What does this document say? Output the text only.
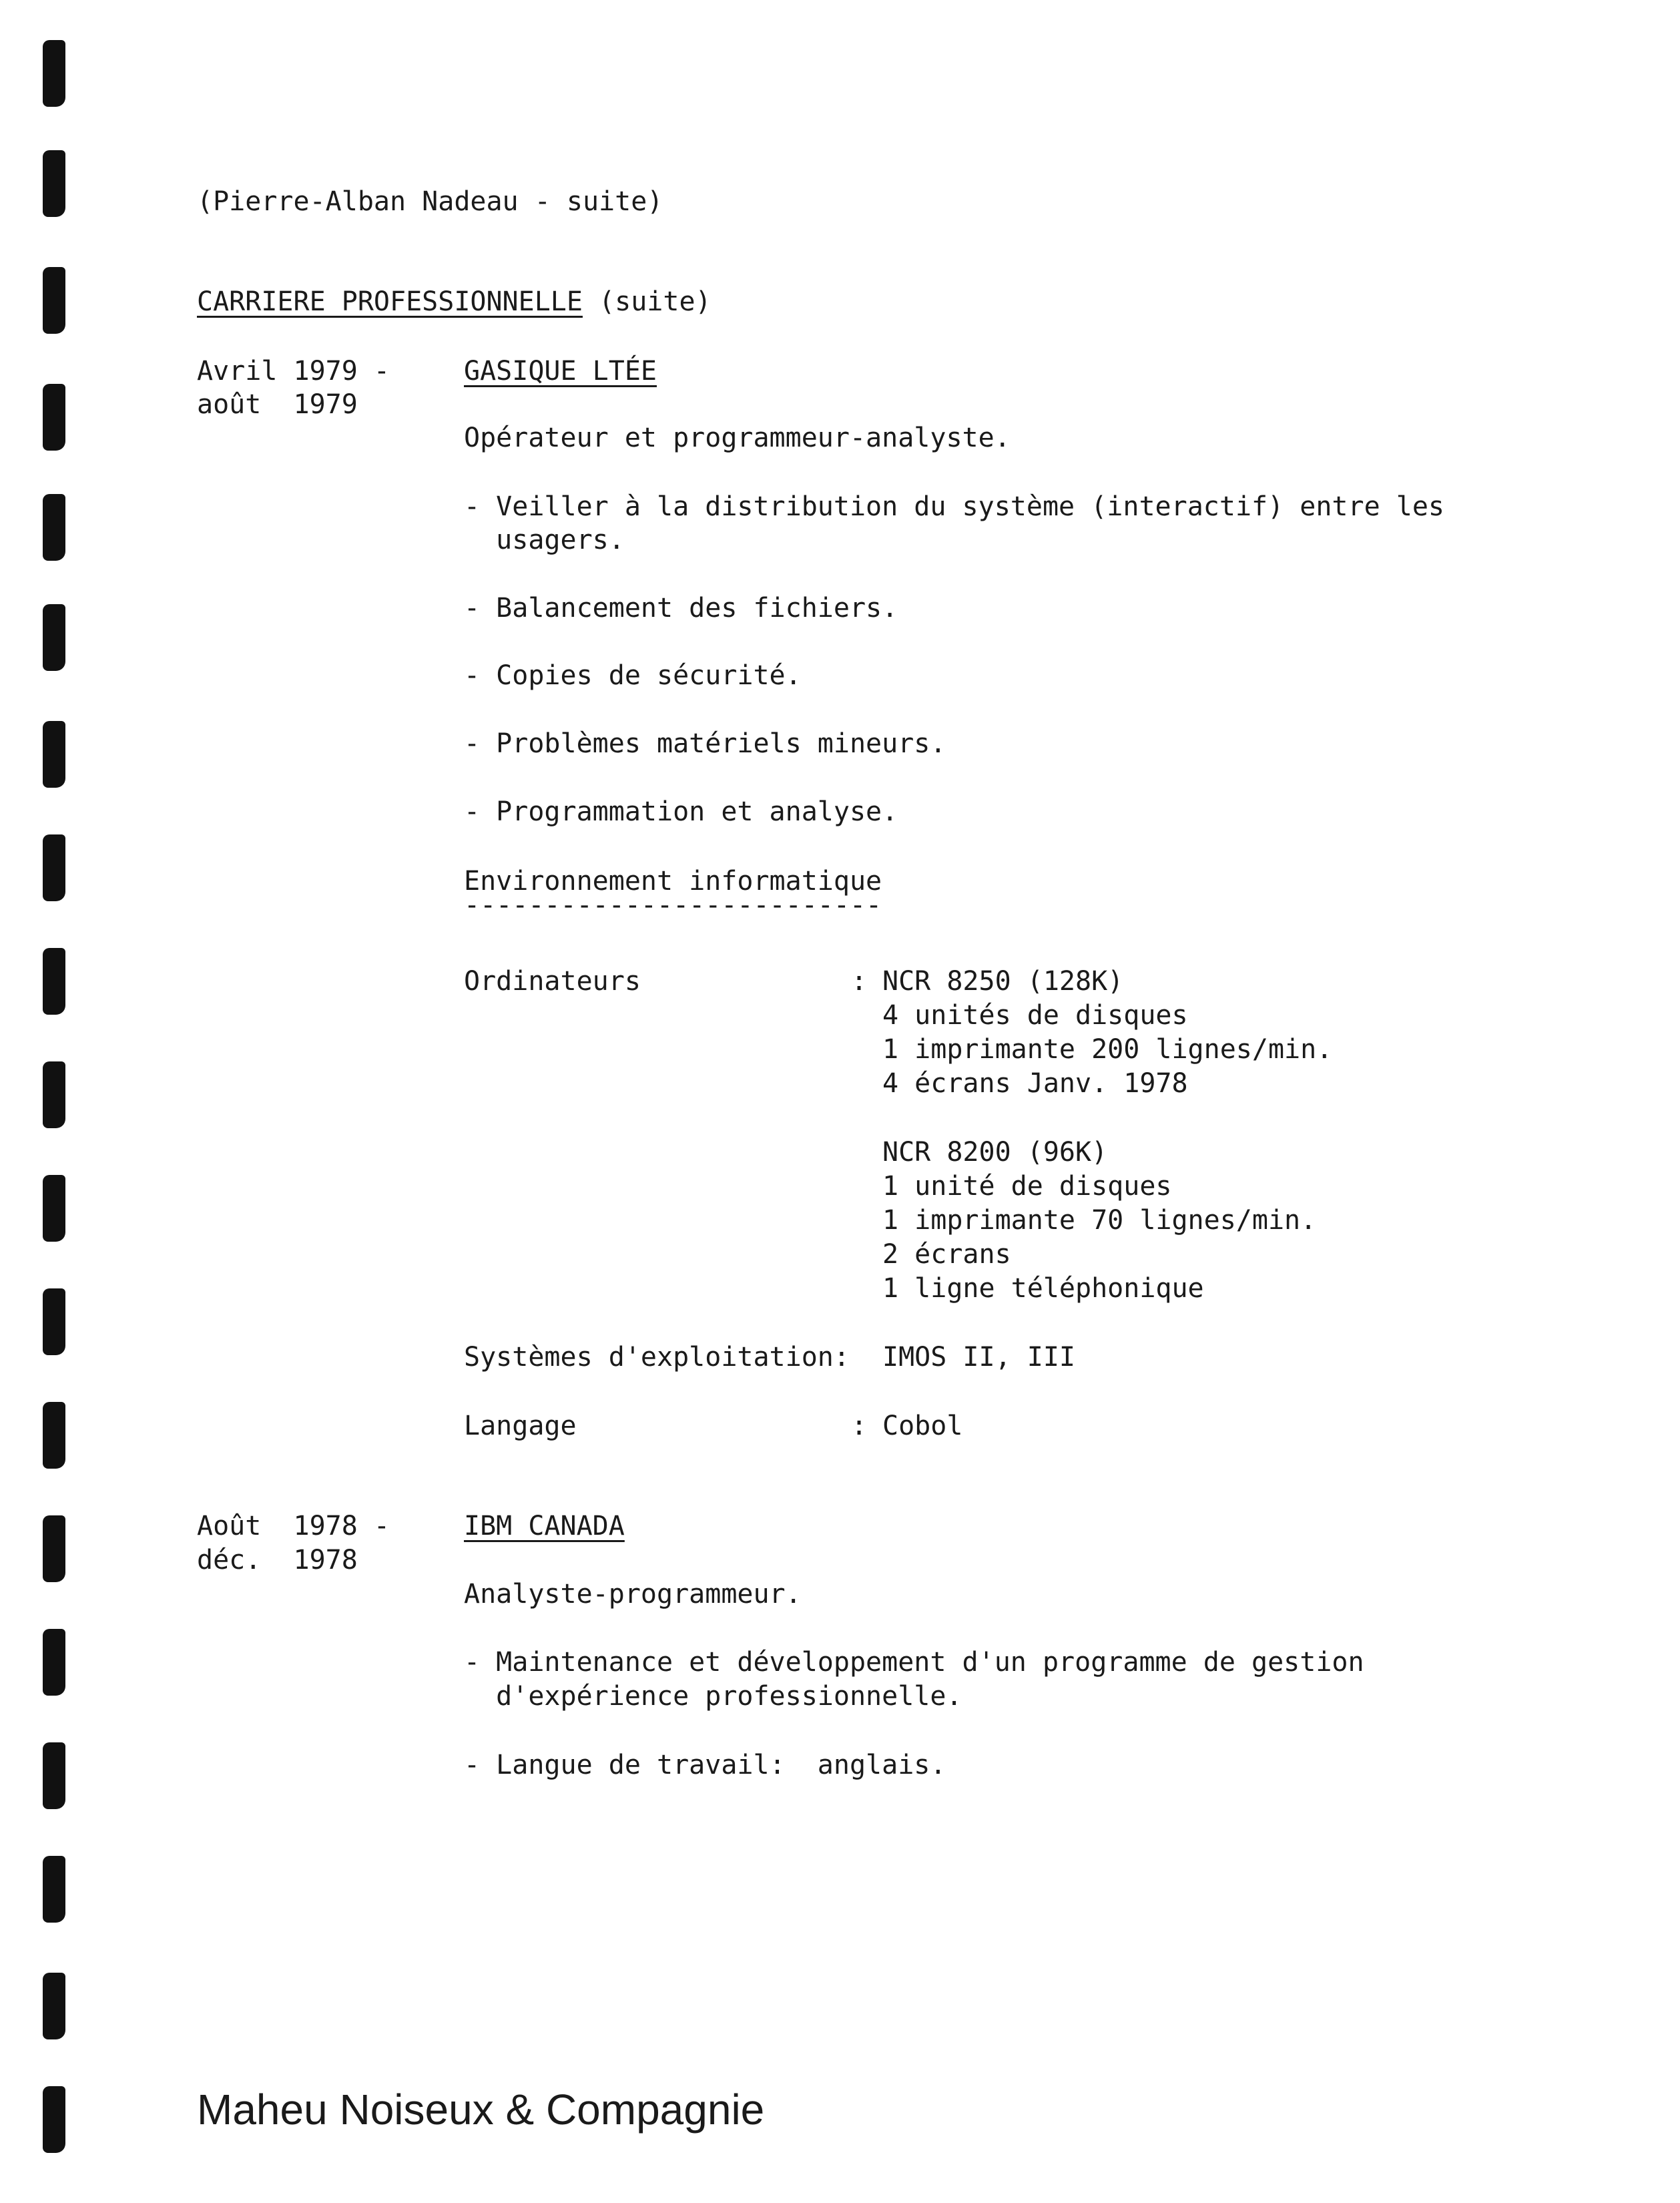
(Pierre-Alban Nadeau - suite)
CARRIERE PROFESSIONNELLE (suite)
Avril 1979 -
août  1979
GASIQUE LTÉE
Opérateur et programmeur-analyste.
- Veiller à la distribution du système (interactif) entre les
usagers.
- Balancement des fichiers.
- Copies de sécurité.
- Problèmes matériels mineurs.
- Programmation et analyse.
Environnement informatique
--------------------------
Ordinateurs	: NCR 8250 (128K)
4 unités de disques
1 imprimante 200 lignes/min.
4 écrans Janv. 1978
NCR 8200 (96K)
1 unité de disques
1 imprimante 70 lignes/min.
2 écrans
1 ligne téléphonique
Systèmes d'exploitation: IMOS II, III
Langage	: Cobol
Août  1978 -
déc.  1978
IBM CANADA
Analyste-programmeur.
- Maintenance et développement d'un programme de gestion
d'expérience professionnelle.
- Langue de travail:  anglais.
Maheu Noiseux & Compagnie
